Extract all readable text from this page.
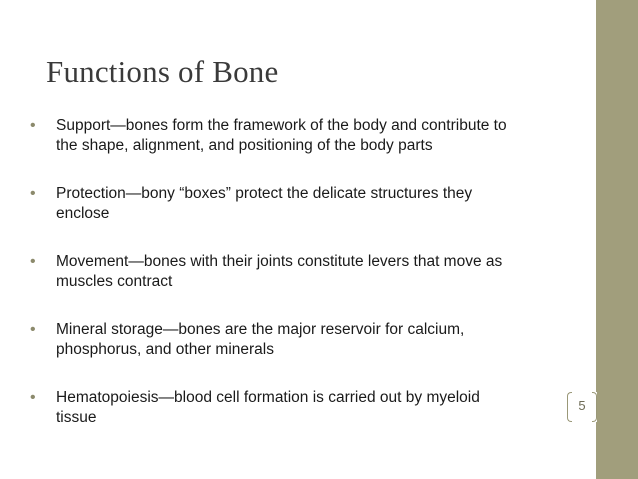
Functions of Bone
• Support—bones form the framework of the body and contribute to
the shape, alignment, and positioning of the body parts
• Protection—bony “boxes” protect the delicate structures they
enclose
• Movement—bones with their joints constitute levers that move as
muscles contract
• Mineral storage—bones are the major reservoir for calcium,
phosphorus, and other minerals
• Hematopoiesis—blood cell formation is carried out by myeloid
tissue
5
